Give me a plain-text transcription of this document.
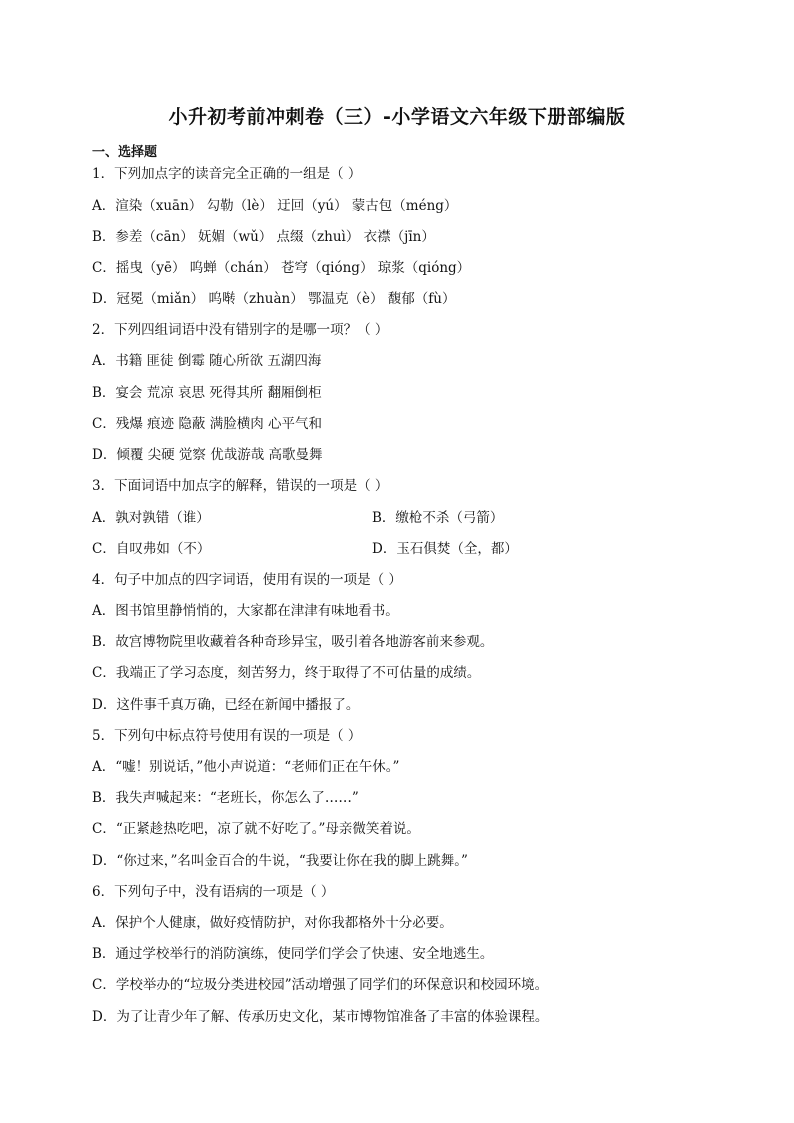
小升初考前冲刺卷（三）-小学语文六年级下册部编版
一、选择题
1．下列加点字的读音完全正确的一组是（ ）
A．渲染（xuān） 勾勒（lè） 迂回（yú） 蒙古包（méng）
B．参差（cān） 妩媚（wǔ） 点缀（zhuì） 衣襟（jīn）
C．摇曳（yē） 呜蝉（chán） 苍穹（qióng） 琼浆（qióng）
D．冠冕（miǎn） 呜啭（zhuàn） 鄂温克（è） 馥郁（fù）
2．下列四组词语中没有错别字的是哪一项？（ ）
A．书籍 匪徒 倒霉 随心所欲 五湖四海
B．宴会 荒凉 哀思 死得其所 翻厢倒柜
C．残爆 痕迹 隐蔽 满脸横肉 心平气和
D．倾覆 尖硬 觉察 优哉游哉 高歌曼舞
3．下面词语中加点字的解释，错误的一项是（ ）
A．孰对孰错（谁）	B．缴枪不杀（弓箭）
C．自叹弗如（不）	D．玉石俱焚（全，都）
4．句子中加点的四字词语，使用有误的一项是（ ）
A．图书馆里静悄悄的，大家都在津津有味地看书。
B．故宫博物院里收藏着各种奇珍异宝，吸引着各地游客前来参观。
C．我端正了学习态度，刻苦努力，终于取得了不可估量的成绩。
D．这件事千真万确，已经在新闻中播报了。
5．下列句中标点符号使用有误的一项是（ ）
A．“嘘！别说话，”他小声说道：“老师们正在午休。”
B．我失声喊起来：“老班长，你怎么了……”
C．“正紧趁热吃吧，凉了就不好吃了。”母亲微笑着说。
D．“你过来，”名叫金百合的牛说，“我要让你在我的脚上跳舞。”
6．下列句子中，没有语病的一项是（ ）
A．保护个人健康，做好疫情防护，对你我都格外十分必要。
B．通过学校举行的消防演练，使同学们学会了快速、安全地逃生。
C．学校举办的“垃圾分类进校园”活动增强了同学们的环保意识和校园环境。
D．为了让青少年了解、传承历史文化，某市博物馆准备了丰富的体验课程。
